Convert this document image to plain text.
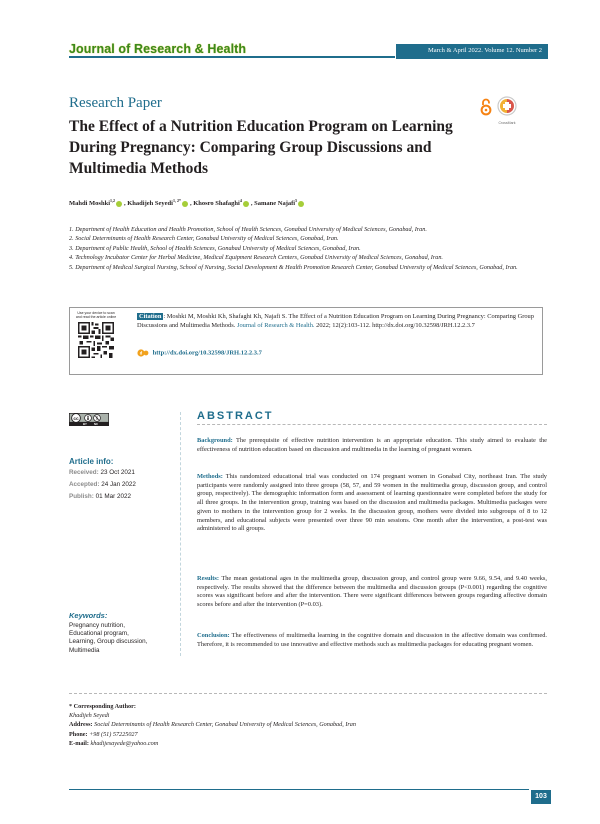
Journal of Research & Health	March & April 2022. Volume 12. Number 2
Research Paper
The Effect of a Nutrition Education Program on Learning During Pregnancy: Comparing Group Discussions and Multimedia Methods
CrossMark
Mahdi Moshki$^{1,2}$ , Khadijeh Seyedi$^{1, 2*}$ , Khosro Shafaghi$^4$ , Samane Najafi$^5$
1. Department of Health Education and Health Promotion, School of Health Sciences, Gonabad University of Medical Sciences, Gonabad, Iran.
2. Social Determinants of Health Research Center, Gonabad University of Medical Sciences, Gonabad, Iran.
3. Department of Public Health, School of Health Sciences, Gonabad University of Medical Sciences, Gonabad, Iran.
4. Technology Incubator Center for Herbal Medicine, Medical Equipment Research Centers, Gonabad University of Medical Sciences, Gonabad, Iran.
5. Department of Medical Surgical Nursing, School of Nursing, Social Development & Health Promotion Research Center, Gonabad University of Medical Sciences, Gonabad, Iran.
Use your device to scan and read the article online	Citation : Moshki M, Moshki Kh, Shafaghi Kh, Najafi S. The Effect of a Nutrition Education Program on Learning During Pregnancy: Comparing Group Discussions and Multimedia Methods. Journal of Research & Health. 2022; 12(2):103-112. http://dx.doi.org/10.32598/JRH.12.2.3.7
d http://dx.doi.org/10.32598/JRH.12.2.3.7
cc
BY	NC
Article info:
Received: 23 Oct 2021
Accepted: 24 Jan 2022
Publish: 01 Mar 2022
Keywords:
Pregnancy nutrition,
Educational program,
Learning, Group discussion,
Multimedia
ABSTRACT
Background: The prerequisite of effective nutrition intervention is an appropriate education. This study aimed to evaluate the effectiveness of nutrition education based on discussion and multimedia in the learning of pregnant women.
Methods: This randomized educational trial was conducted on 174 pregnant women in Gonabad City, northeast Iran. The study participants were randomly assigned into three groups (58, 57, and 59 women in the multimedia group, discussion group, and control group, respectively). The demographic information form and assessment of learning questionnaire were completed before the study for all three groups. In the intervention group, training was based on the discussion and multimedia packages. Multimedia packages were given to mothers in the intervention group for 2 weeks. In the discussion group, mothers were divided into subgroups of 8 to 12 members, and educational subjects were presented over three 90 min sessions. One month after the intervention, a post-test was administered to all groups.
Results: The mean gestational ages in the multimedia group, discussion group, and control group were 9.66, 9.54, and 9.40 weeks, respectively. The results showed that the difference between the multimedia and discussion groups (P<0.001) regarding the cognitive scores was significant before and after the intervention. There were significant differences between groups regarding affective domain scores before and after the intervention (P=0.03).
Conclusion: The effectiveness of multimedia learning in the cognitive domain and discussion in the affective domain was confirmed. Therefore, it is recommended to use innovative and effective methods such as multimedia packages for educating pregnant women.
* Corresponding Author:
Khadijeh Seyedi
Address: Social Determinants of Health Research Center, Gonabad University of Medical Sciences, Gonabad, Iran
Phone: +98 (51) 57225027
E-mail: khadijesayede@yahoo.com
103
